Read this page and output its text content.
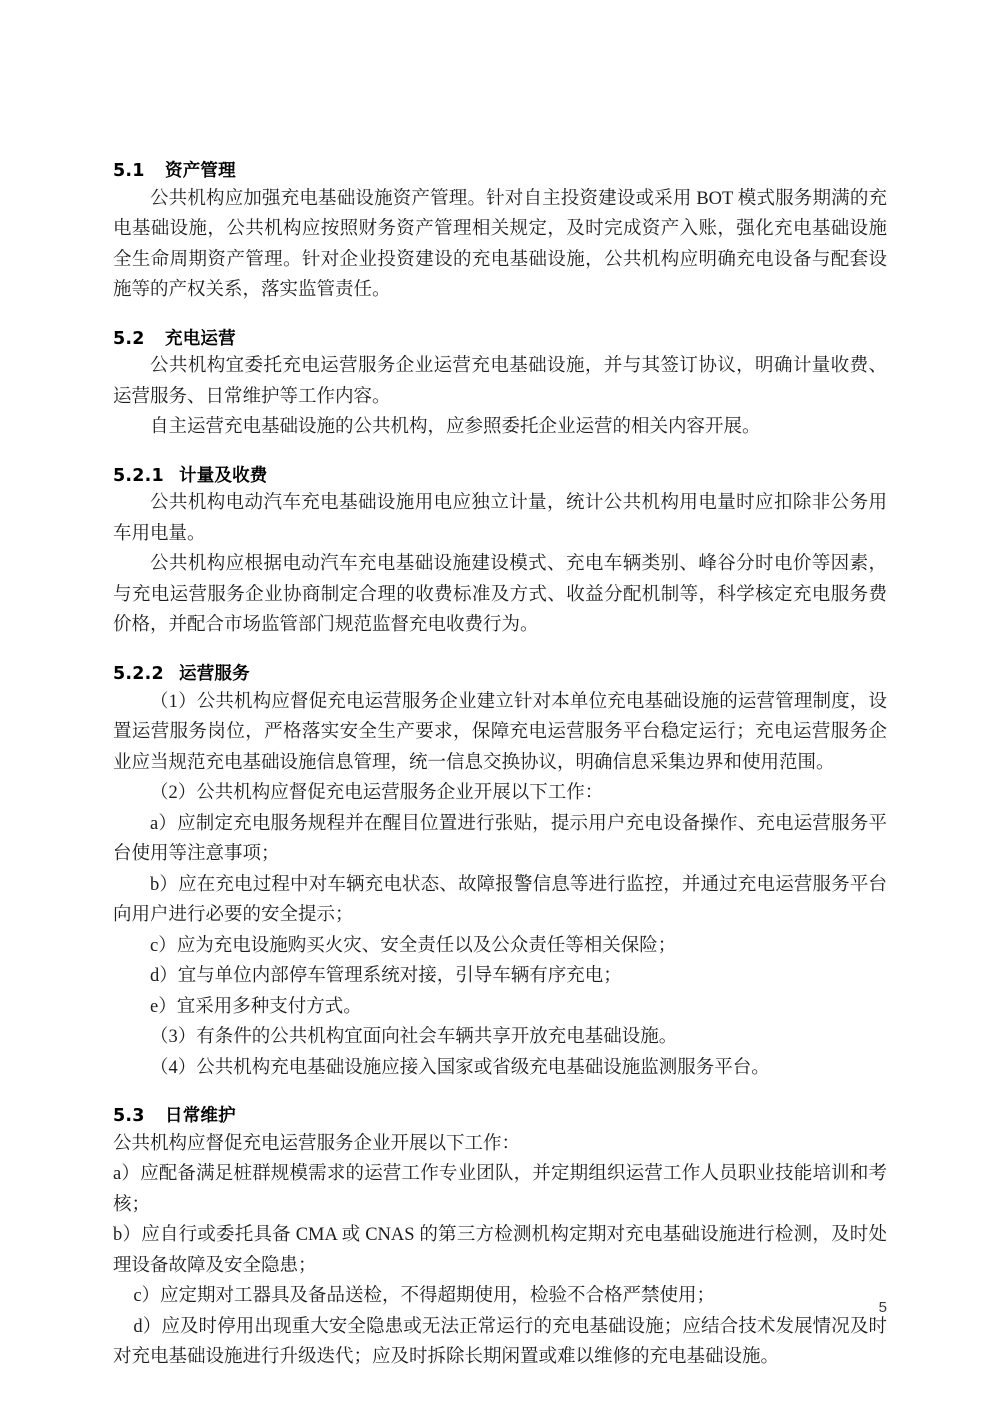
5.1 资产管理

公共机构应加强充电基础设施资产管理。针对自主投资建设或采用 BOT 模式服务期满的充电基础设施，公共机构应按照财务资产管理相关规定，及时完成资产入账，强化充电基础设施全生命周期资产管理。针对企业投资建设的充电基础设施，公共机构应明确充电设备与配套设施等的产权关系，落实监管责任。

5.2 充电运营

公共机构宜委托充电运营服务企业运营充电基础设施，并与其签订协议，明确计量收费、运营服务、日常维护等工作内容。

自主运营充电基础设施的公共机构，应参照委托企业运营的相关内容开展。

5.2.1 计量及收费

公共机构电动汽车充电基础设施用电应独立计量，统计公共机构用电量时应扣除非公务用车用电量。

公共机构应根据电动汽车充电基础设施建设模式、充电车辆类别、峰谷分时电价等因素，与充电运营服务企业协商制定合理的收费标准及方式、收益分配机制等，科学核定充电服务费价格，并配合市场监管部门规范监督充电收费行为。

5.2.2 运营服务

（1）公共机构应督促充电运营服务企业建立针对本单位充电基础设施的运营管理制度，设置运营服务岗位，严格落实安全生产要求，保障充电运营服务平台稳定运行；充电运营服务企业应当规范充电基础设施信息管理，统一信息交换协议，明确信息采集边界和使用范围。

（2）公共机构应督促充电运营服务企业开展以下工作：

a）应制定充电服务规程并在醒目位置进行张贴，提示用户充电设备操作、充电运营服务平台使用等注意事项；

b）应在充电过程中对车辆充电状态、故障报警信息等进行监控，并通过充电运营服务平台向用户进行必要的安全提示；

c）应为充电设施购买火灾、安全责任以及公众责任等相关保险；

d）宜与单位内部停车管理系统对接，引导车辆有序充电；

e）宜采用多种支付方式。

（3）有条件的公共机构宜面向社会车辆共享开放充电基础设施。

（4）公共机构充电基础设施应接入国家或省级充电基础设施监测服务平台。

5.3 日常维护

公共机构应督促充电运营服务企业开展以下工作：

a）应配备满足桩群规模需求的运营工作专业团队，并定期组织运营工作人员职业技能培训和考核；

b）应自行或委托具备 CMA 或 CNAS 的第三方检测机构定期对充电基础设施进行检测，及时处理设备故障及安全隐患；

c）应定期对工器具及备品送检，不得超期使用，检验不合格严禁使用；

d）应及时停用出现重大安全隐患或无法正常运行的充电基础设施；应结合技术发展情况及时对充电基础设施进行升级迭代；应及时拆除长期闲置或难以维修的充电基础设施。

5
